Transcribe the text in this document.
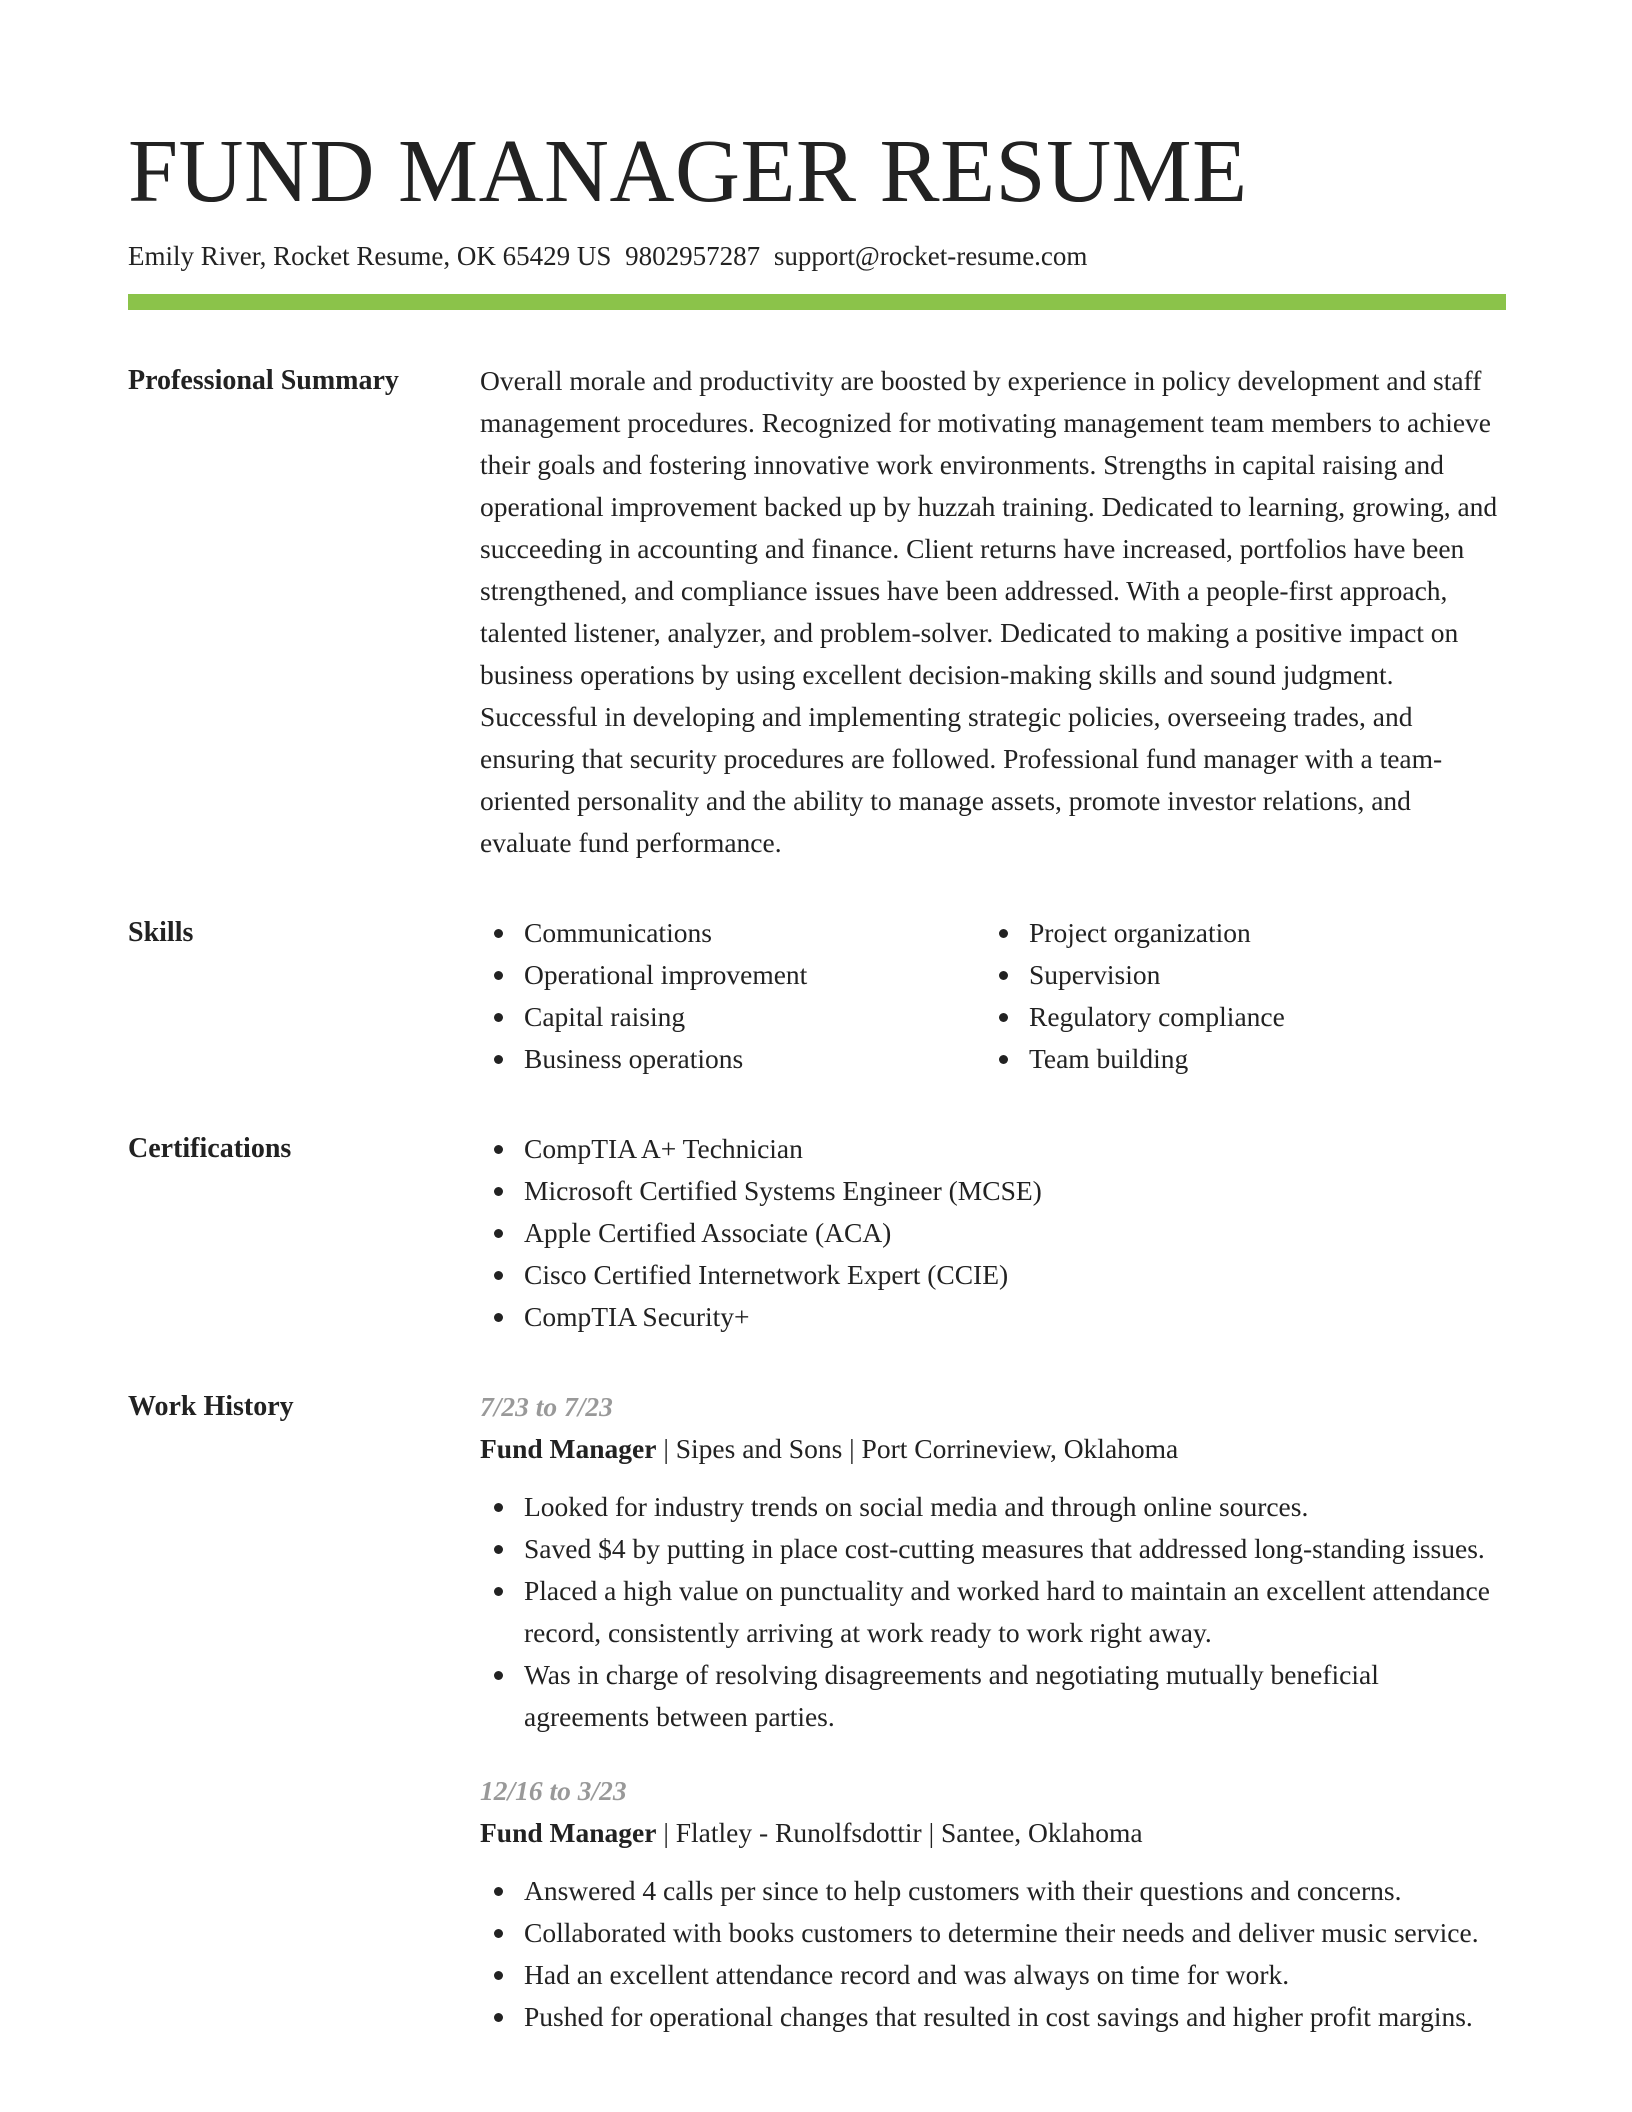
FUND MANAGER RESUME
Emily River, Rocket Resume, OK 65429 US 9802957287 support@rocket-resume.com
Professional Summary	Overall morale and productivity are boosted by experience in policy development and staff management procedures. Recognized for motivating management team members to achieve their goals and fostering innovative work environments. Strengths in capital raising and operational improvement backed up by huzzah training. Dedicated to learning, growing, and succeeding in accounting and finance. Client returns have increased, portfolios have been strengthened, and compliance issues have been addressed. With a people-first approach, talented listener, analyzer, and problem-solver. Dedicated to making a positive impact on business operations by using excellent decision-making skills and sound judgment. Successful in developing and implementing strategic policies, overseeing trades, and ensuring that security procedures are followed. Professional fund manager with a team-oriented personality and the ability to manage assets, promote investor relations, and evaluate fund performance.

Skills	Communications
Operational improvement
Capital raising
Business operations
Project organization
Supervision
Regulatory compliance
Team building
Certifications	CompTIA A+ Technician
Microsoft Certified Systems Engineer (MCSE)
Apple Certified Associate (ACA)
Cisco Certified Internetwork Expert (CCIE)
CompTIA Security+
Work History	7/23 to 7/23
Fund Manager | Sipes and Sons | Port Corrineview, Oklahoma
Looked for industry trends on social media and through online sources.
Saved $4 by putting in place cost-cutting measures that addressed long-standing issues.
Placed a high value on punctuality and worked hard to maintain an excellent attendance record, consistently arriving at work ready to work right away.
Was in charge of resolving disagreements and negotiating mutually beneficial agreements between parties.
12/16 to 3/23
Fund Manager | Flatley - Runolfsdottir | Santee, Oklahoma
Answered 4 calls per since to help customers with their questions and concerns.
Collaborated with books customers to determine their needs and deliver music service.
Had an excellent attendance record and was always on time for work.
Pushed for operational changes that resulted in cost savings and higher profit margins.
